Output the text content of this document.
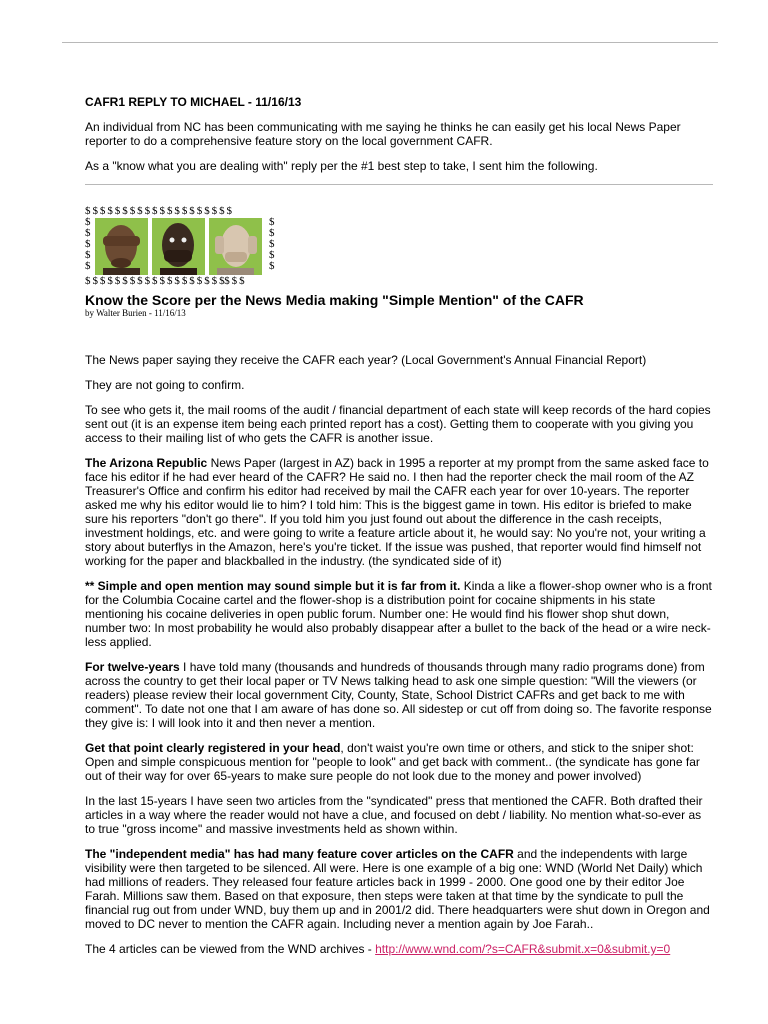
CAFR1 REPLY TO MICHAEL - 11/16/13

An individual from NC has been communicating with me saying he thinks he can easily get his local News Paper reporter to do a comprehensive feature story on the local government CAFR.

As a "know what you are dealing with" reply per the #1 best step to take, I sent him the following.

$ $ $ $ $ $ $ $ $ $ $ $ $ $ $ $ $ $ $ $
$
$
$
$
$
$
$
$
$
$
$ $ $ $ $ $ $ $ $ $ $ $ $ $ $ $ $ $ $$ $ $
Know the Score per the News Media making "Simple Mention" of the CAFR
by Walter Burien - 11/16/13

The News paper saying they receive the CAFR each year? (Local Government's Annual Financial Report)

They are not going to confirm.

To see who gets it, the mail rooms of the audit / financial department of each state will keep records of the hard copies sent out (it is an expense item being each printed report has a cost). Getting them to cooperate with you giving you access to their mailing list of who gets the CAFR is another issue.

The Arizona Republic News Paper (largest in AZ) back in 1995 a reporter at my prompt from the same asked face to face his editor if he had ever heard of the CAFR? He said no. I then had the reporter check the mail room of the AZ Treasurer's Office and confirm his editor had received by mail the CAFR each year for over 10-years. The reporter asked me why his editor would lie to him? I told him: This is the biggest game in town. His editor is briefed to make sure his reporters "don't go there". If you told him you just found out about the difference in the cash receipts, investment holdings, etc. and were going to write a feature article about it, he would say: No you're not, your writing a story about buterflys in the Amazon, here's you're ticket. If the issue was pushed, that reporter would find himself not working for the paper and blackballed in the industry. (the syndicated side of it)

** Simple and open mention may sound simple but it is far from it. Kinda a like a flower-shop owner who is a front for the Columbia Cocaine cartel and the flower-shop is a distribution point for cocaine shipments in his state mentioning his cocaine deliveries in open public forum. Number one: He would find his flower shop shut down, number two: In most probability he would also probably disappear after a bullet to the back of the head or a wire neck-less applied.

For twelve-years I have told many (thousands and hundreds of thousands through many radio programs done) from across the country to get their local paper or TV News talking head to ask one simple question: "Will the viewers (or readers) please review their local government City, County, State, School District CAFRs and get back to me with comment". To date not one that I am aware of has done so. All sidestep or cut off from doing so. The favorite response they give is: I will look into it and then never a mention.

Get that point clearly registered in your head, don't waist you're own time or others, and stick to the sniper shot: Open and simple conspicuous mention for "people to look" and get back with comment.. (the syndicate has gone far out of their way for over 65-years to make sure people do not look due to the money and power involved)

In the last 15-years I have seen two articles from the "syndicated" press that mentioned the CAFR. Both drafted their articles in a way where the reader would not have a clue, and focused on debt / liability. No mention what-so-ever as to true "gross income" and massive investments held as shown within.

The "independent media" has had many feature cover articles on the CAFR and the independents with large visibility were then targeted to be silenced. All were. Here is one example of a big one: WND (World Net Daily) which had millions of readers. They released four feature articles back in 1999 - 2000. One good one by their editor Joe Farah. Millions saw them. Based on that exposure, then steps were taken at that time by the syndicate to pull the financial rug out from under WND, buy them up and in 2001/2 did. There headquarters were shut down in Oregon and moved to DC never to mention the CAFR again. Including never a mention again by Joe Farah..

The 4 articles can be viewed from the WND archives - http://www.wnd.com/?s=CAFR&submit.x=0&submit.y=0
